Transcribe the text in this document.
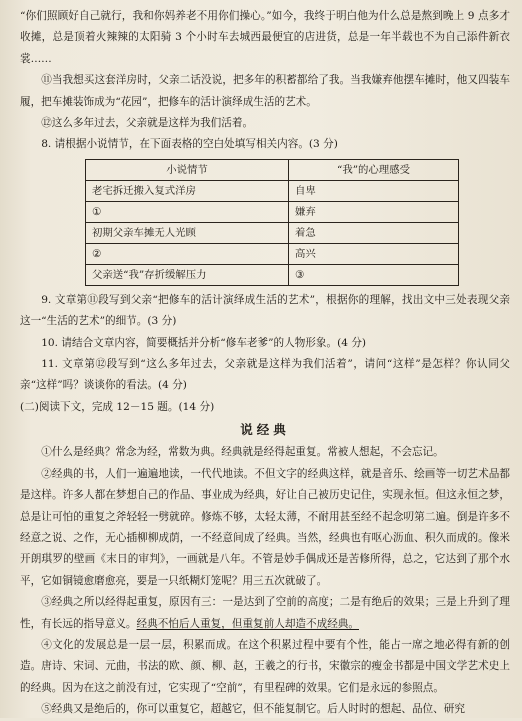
“你们照顾好自己就行，我和你妈养老不用你们操心。”如今，我终于明白他为什么总是熬到晚上 9 点多才收摊，总是顶着火辣辣的太阳骑 3 个小时车去城西最便宜的店进货，总是一年半载也不为自己添件新衣裳……

⑪当我想买这套洋房时，父亲二话没说，把多年的积蓄都给了我。当我嫌弃他摆车摊时，他又四装车履，把车摊装饰成为“花园”，把修车的活计演绎成生活的艺术。

⑫这么多年过去，父亲就是这样为我们活着。

8. 请根据小说情节，在下面表格的空白处填写相关内容。(3 分)

小说情节	“我”的心理感受
老宅拆迁搬入复式洋房	自卑
①	嫌弃
初期父亲车摊无人光顾	着急
②	高兴
父亲送“我”存折缓解压力	③

9. 文章第⑪段写到父亲“把修车的活计演绎成生活的艺术”，根据你的理解，找出文中三处表现父亲这一“生活的艺术”的细节。(3 分)

10. 请结合文章内容，简要概括并分析“修车老爹”的人物形象。(4 分)

11. 文章第⑫段写到“这么多年过去，父亲就是这样为我们活着”，请问“这样”是怎样？你认同父亲“这样”吗？谈谈你的看法。(4 分)

(二)阅读下文，完成 12－15 题。(14 分)

说经典

①什么是经典？常念为经，常数为典。经典就是经得起重复。常被人想起，不会忘记。

②经典的书，人们一遍遍地读，一代代地读。不但文字的经典这样，就是音乐、绘画等一切艺术品都是这样。许多人都在梦想自己的作品、事业成为经典，好让自己被历史记住，实现永恒。但这永恒之梦，总是让可怕的重复之斧轻轻一劈就碎。修炼不够，太轻太薄，不耐用甚至经不起念叨第二遍。倒是许多不经意之说、之作，无心插柳柳成荫，一不经意间成了经典。当然，经典也有呕心沥血、积久而成的。像米开朗琪罗的壁画《末日的审判》，一画就是八年。不管是妙手偶成还是苦修所得，总之，它达到了那个水平，它如铜镜愈磨愈亮，要是一只纸糊灯笼呢？用三五次就破了。

③经典之所以经得起重复，原因有三：一是达到了空前的高度；二是有绝后的效果；三是上升到了理性，有长远的指导意义。经典不怕后人重复，但重复前人却造不成经典。

④文化的发展总是一层一层，积累而成。在这个积累过程中要有个性，能占一席之地必得有新的创造。唐诗、宋词、元曲，书法的欧、颜、柳、赵，王羲之的行书，宋徽宗的瘦金书都是中国文学艺术史上的经典。因为在这之前没有过，它实现了“空前”，有里程碑的效果。它们是永远的参照点。

⑤经典又是绝后的，你可以重复它，超越它，但不能复制它。后人时时的想起、品位、研究
